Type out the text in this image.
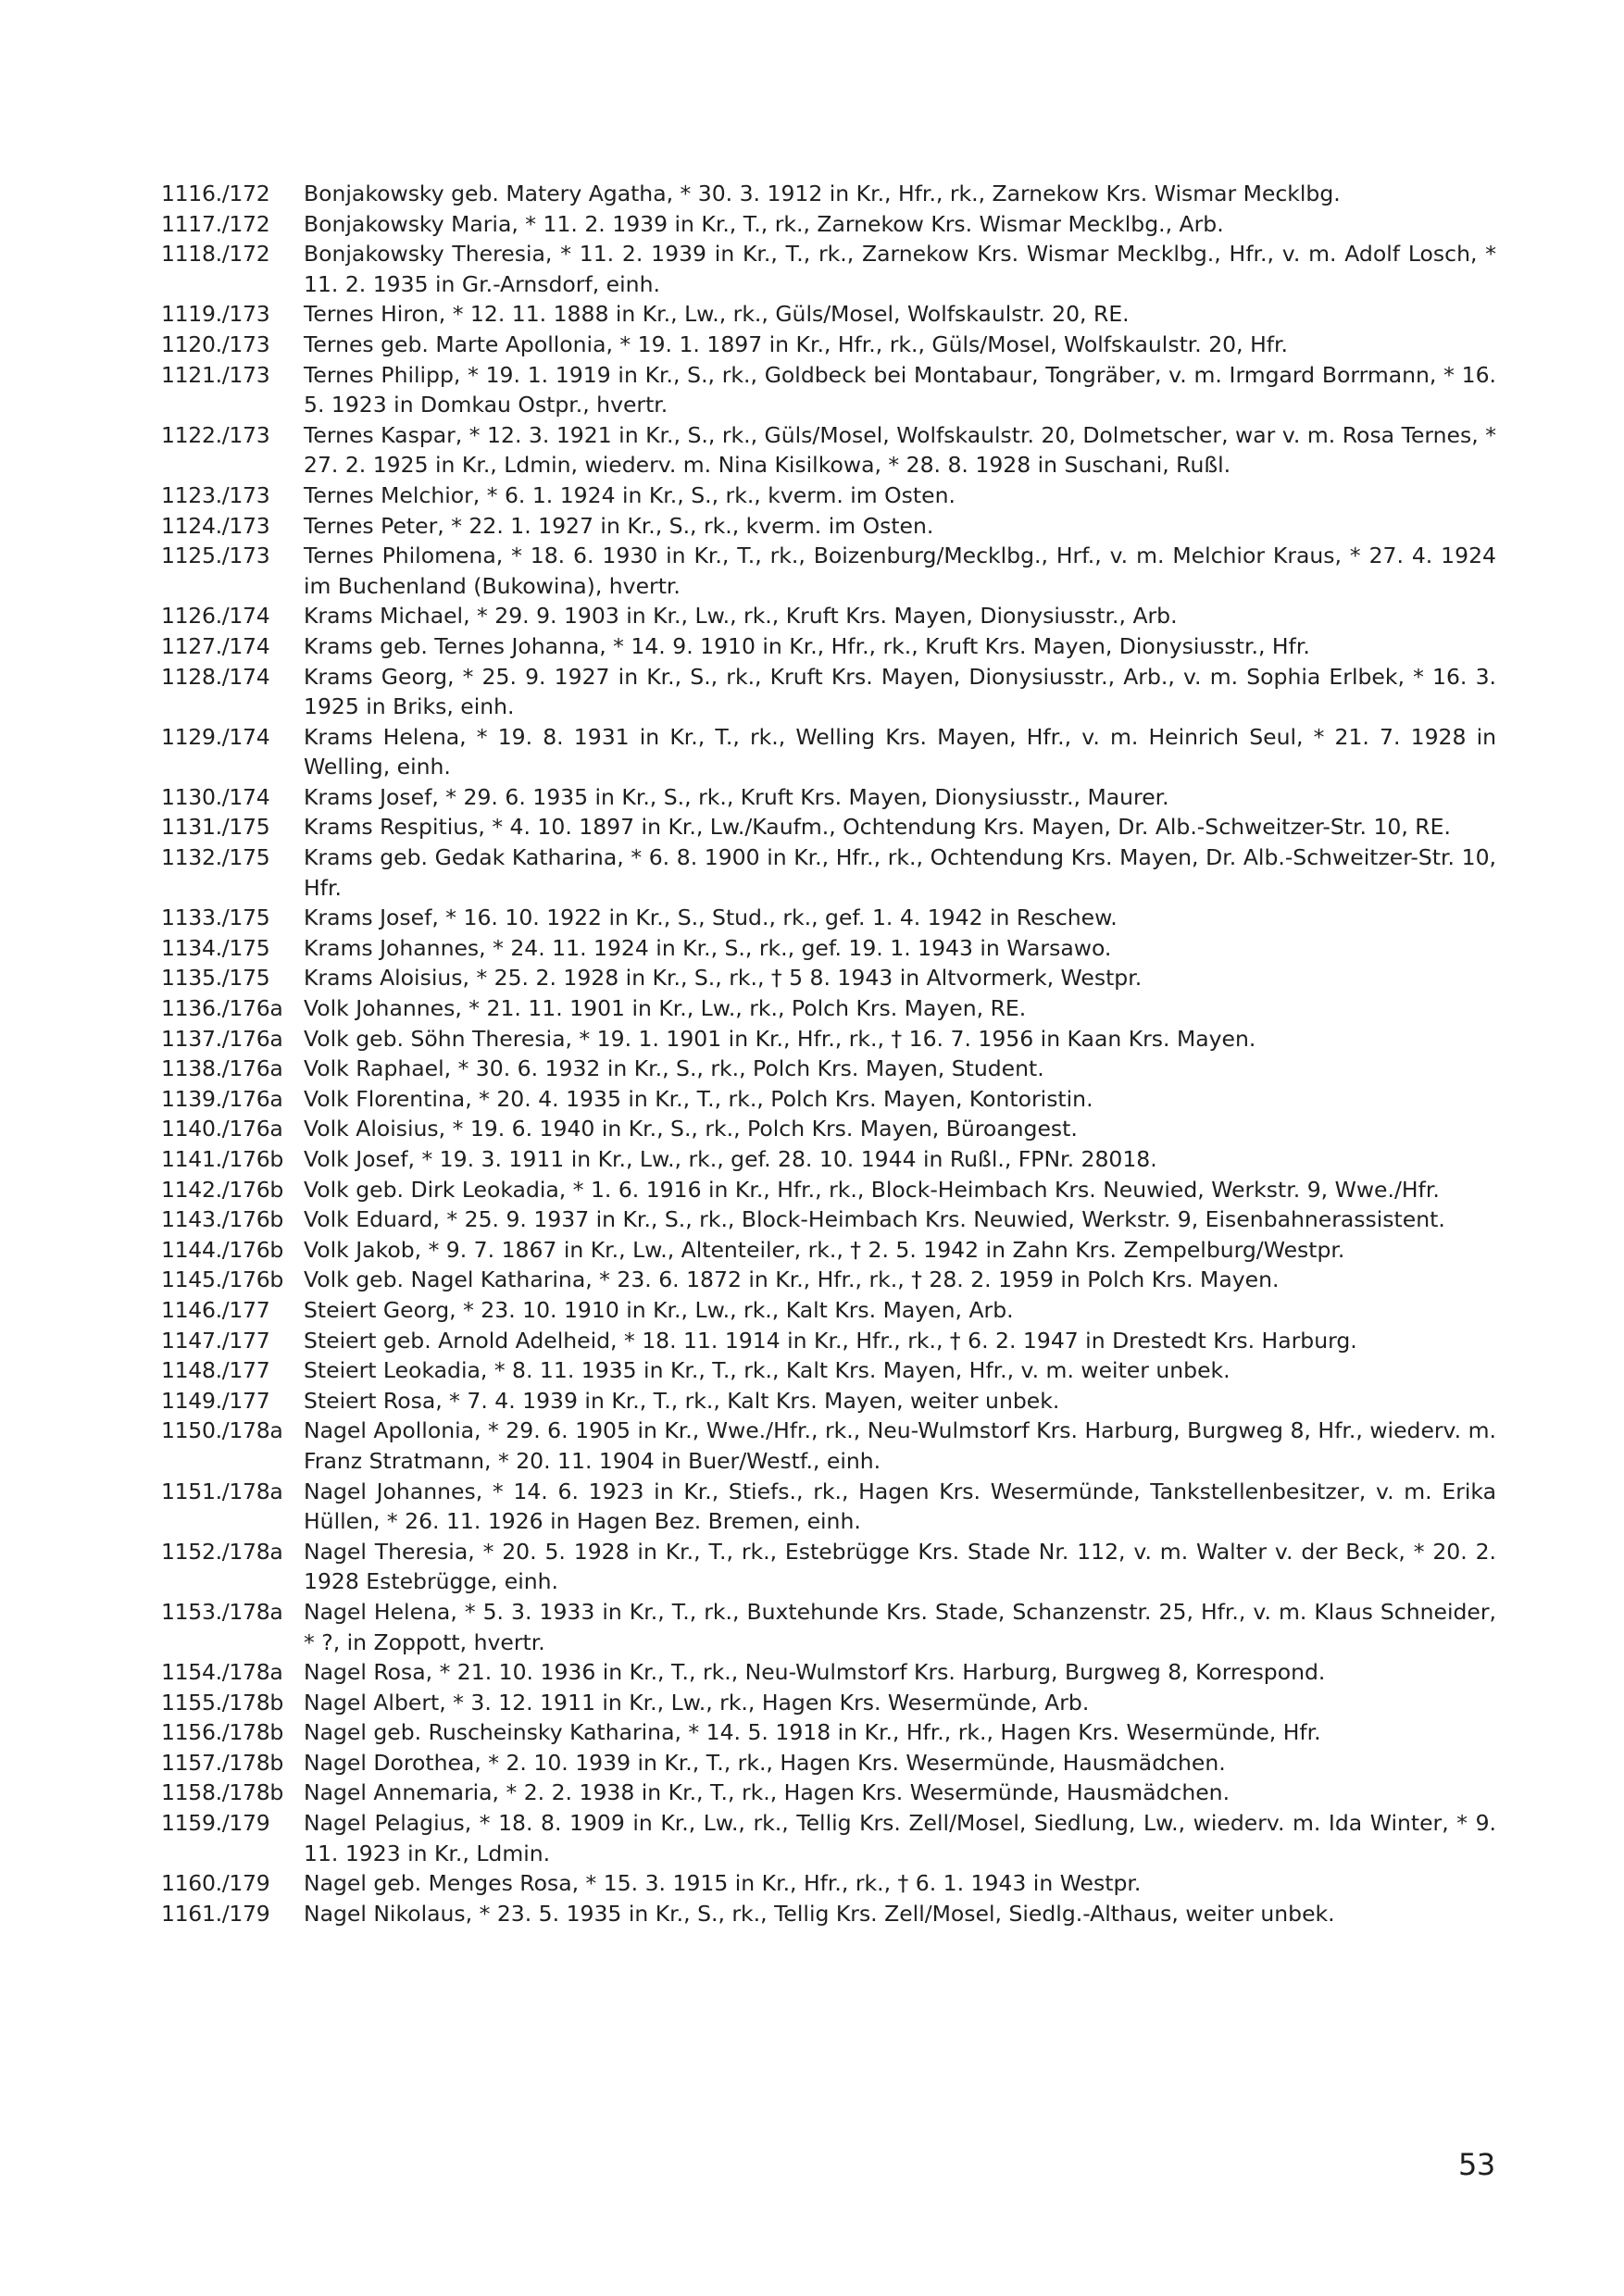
1116./172	Bonjakowsky geb. Matery Agatha, * 30. 3. 1912 in Kr., Hfr., rk., Zarnekow Krs. Wismar Mecklbg.
1117./172	Bonjakowsky Maria, * 11. 2. 1939 in Kr., T., rk., Zarnekow Krs. Wismar Mecklbg., Arb.
1118./172	Bonjakowsky Theresia, * 11. 2. 1939 in Kr., T., rk., Zarnekow Krs. Wismar Mecklbg., Hfr., v. m. Adolf Losch, * 11. 2. 1935 in Gr.-Arnsdorf, einh.
1119./173	Ternes Hiron, * 12. 11. 1888 in Kr., Lw., rk., Güls/Mosel, Wolfskaulstr. 20, RE.
1120./173	Ternes geb. Marte Apollonia, * 19. 1. 1897 in Kr., Hfr., rk., Güls/Mosel, Wolfskaulstr. 20, Hfr.
1121./173	Ternes Philipp, * 19. 1. 1919 in Kr., S., rk., Goldbeck bei Montabaur, Tongräber, v. m. Irmgard Borrmann, * 16. 5. 1923 in Domkau Ostpr., hvertr.
1122./173	Ternes Kaspar, * 12. 3. 1921 in Kr., S., rk., Güls/Mosel, Wolfskaulstr. 20, Dolmetscher, war v. m. Rosa Ternes, * 27. 2. 1925 in Kr., Ldmin, wiederv. m. Nina Kisilkowa, * 28. 8. 1928 in Suschani, Rußl.
1123./173	Ternes Melchior, * 6. 1. 1924 in Kr., S., rk., kverm. im Osten.
1124./173	Ternes Peter, * 22. 1. 1927 in Kr., S., rk., kverm. im Osten.
1125./173	Ternes Philomena, * 18. 6. 1930 in Kr., T., rk., Boizenburg/Mecklbg., Hrf., v. m. Melchior Kraus, * 27. 4. 1924 im Buchenland (Bukowina), hvertr.
1126./174	Krams Michael, * 29. 9. 1903 in Kr., Lw., rk., Kruft Krs. Mayen, Dionysiusstr., Arb.
1127./174	Krams geb. Ternes Johanna, * 14. 9. 1910 in Kr., Hfr., rk., Kruft Krs. Mayen, Dionysiusstr., Hfr.
1128./174	Krams Georg, * 25. 9. 1927 in Kr., S., rk., Kruft Krs. Mayen, Dionysiusstr., Arb., v. m. Sophia Erlbek, * 16. 3. 1925 in Briks, einh.
1129./174	Krams Helena, * 19. 8. 1931 in Kr., T., rk., Welling Krs. Mayen, Hfr., v. m. Heinrich Seul, * 21. 7. 1928 in Welling, einh.
1130./174	Krams Josef, * 29. 6. 1935 in Kr., S., rk., Kruft Krs. Mayen, Dionysiusstr., Maurer.
1131./175	Krams Respitius, * 4. 10. 1897 in Kr., Lw./Kaufm., Ochtendung Krs. Mayen, Dr. Alb.-Schweitzer-Str. 10, RE.
1132./175	Krams geb. Gedak Katharina, * 6. 8. 1900 in Kr., Hfr., rk., Ochtendung Krs. Mayen, Dr. Alb.-Schweitzer-Str. 10, Hfr.
1133./175	Krams Josef, * 16. 10. 1922 in Kr., S., Stud., rk., gef. 1. 4. 1942 in Reschew.
1134./175	Krams Johannes, * 24. 11. 1924 in Kr., S., rk., gef. 19. 1. 1943 in Warsawo.
1135./175	Krams Aloisius, * 25. 2. 1928 in Kr., S., rk., † 5 8. 1943 in Altvormerk, Westpr.
1136./176a Volk Johannes, * 21. 11. 1901 in Kr., Lw., rk., Polch Krs. Mayen, RE.
1137./176a Volk geb. Söhn Theresia, * 19. 1. 1901 in Kr., Hfr., rk., † 16. 7. 1956 in Kaan Krs. Mayen.
1138./176a Volk Raphael, * 30. 6. 1932 in Kr., S., rk., Polch Krs. Mayen, Student.
1139./176a Volk Florentina, * 20. 4. 1935 in Kr., T., rk., Polch Krs. Mayen, Kontoristin.
1140./176a Volk Aloisius, * 19. 6. 1940 in Kr., S., rk., Polch Krs. Mayen, Büroangest.
1141./176b Volk Josef, * 19. 3. 1911 in Kr., Lw., rk., gef. 28. 10. 1944 in Rußl., FPNr. 28018.
1142./176b Volk geb. Dirk Leokadia, * 1. 6. 1916 in Kr., Hfr., rk., Block-Heimbach Krs. Neuwied, Werkstr. 9, Wwe./Hfr.
1143./176b Volk Eduard, * 25. 9. 1937 in Kr., S., rk., Block-Heimbach Krs. Neuwied, Werkstr. 9, Eisenbahnerassistent.
1144./176b Volk Jakob, * 9. 7. 1867 in Kr., Lw., Altenteiler, rk., † 2. 5. 1942 in Zahn Krs. Zempelburg/Westpr.
1145./176b Volk geb. Nagel Katharina, * 23. 6. 1872 in Kr., Hfr., rk., † 28. 2. 1959 in Polch Krs. Mayen.
1146./177	Steiert Georg, * 23. 10. 1910 in Kr., Lw., rk., Kalt Krs. Mayen, Arb.
1147./177	Steiert geb. Arnold Adelheid, * 18. 11. 1914 in Kr., Hfr., rk., † 6. 2. 1947 in Drestedt Krs. Harburg.
1148./177	Steiert Leokadia, * 8. 11. 1935 in Kr., T., rk., Kalt Krs. Mayen, Hfr., v. m. weiter unbek.
1149./177	Steiert Rosa, * 7. 4. 1939 in Kr., T., rk., Kalt Krs. Mayen, weiter unbek.
1150./178a Nagel Apollonia, * 29. 6. 1905 in Kr., Wwe./Hfr., rk., Neu-Wulmstorf Krs. Harburg, Burgweg 8, Hfr., wiederv. m. Franz Stratmann, * 20. 11. 1904 in Buer/Westf., einh.
1151./178a Nagel Johannes, * 14. 6. 1923 in Kr., Stiefs., rk., Hagen Krs. Wesermünde, Tankstellenbesitzer, v. m. Erika Hüllen, * 26. 11. 1926 in Hagen Bez. Bremen, einh.
1152./178a Nagel Theresia, * 20. 5. 1928 in Kr., T., rk., Estebrügge Krs. Stade Nr. 112, v. m. Walter v. der Beck, * 20. 2. 1928 Estebrügge, einh.
1153./178a Nagel Helena, * 5. 3. 1933 in Kr., T., rk., Buxtehunde Krs. Stade, Schanzenstr. 25, Hfr., v. m. Klaus Schneider, * ?, in Zoppott, hvertr.
1154./178a Nagel Rosa, * 21. 10. 1936 in Kr., T., rk., Neu-Wulmstorf Krs. Harburg, Burgweg 8, Korrespond.
1155./178b Nagel Albert, * 3. 12. 1911 in Kr., Lw., rk., Hagen Krs. Wesermünde, Arb.
1156./178b Nagel geb. Ruscheinsky Katharina, * 14. 5. 1918 in Kr., Hfr., rk., Hagen Krs. Wesermünde, Hfr.
1157./178b Nagel Dorothea, * 2. 10. 1939 in Kr., T., rk., Hagen Krs. Wesermünde, Hausmädchen.
1158./178b Nagel Annemaria, * 2. 2. 1938 in Kr., T., rk., Hagen Krs. Wesermünde, Hausmädchen.
1159./179	Nagel Pelagius, * 18. 8. 1909 in Kr., Lw., rk., Tellig Krs. Zell/Mosel, Siedlung, Lw., wiederv. m. Ida Winter, * 9. 11. 1923 in Kr., Ldmin.
1160./179	Nagel geb. Menges Rosa, * 15. 3. 1915 in Kr., Hfr., rk., † 6. 1. 1943 in Westpr.
1161./179	Nagel Nikolaus, * 23. 5. 1935 in Kr., S., rk., Tellig Krs. Zell/Mosel, Siedlg.-Althaus, weiter unbek.
53
